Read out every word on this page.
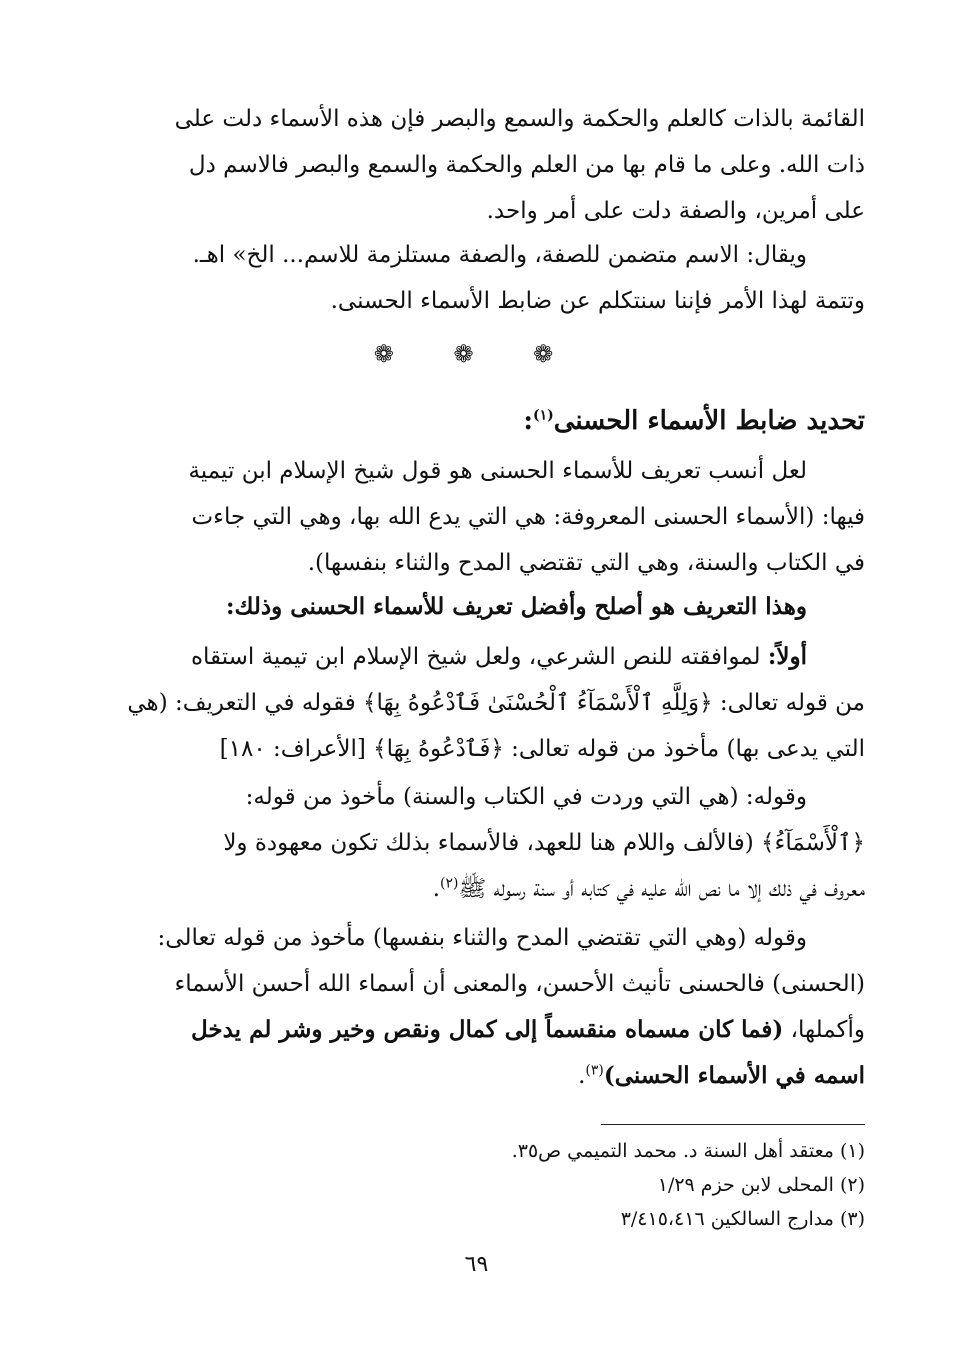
القائمة بالذات كالعلم والحكمة والسمع والبصر فإن هذه الأسماء دلت على
ذات الله. وعلى ما قام بها من العلم والحكمة والسمع والبصر فالاسم دل
على أمرين، والصفة دلت على أمر واحد.
ويقال: الاسم متضمن للصفة، والصفة مستلزمة للاسم... الخ» اهـ.
وتتمة لهذا الأمر فإننا سنتكلم عن ضابط الأسماء الحسنى.
❁ ❁ ❁
تحديد ضابط الأسماء الحسنى$^{(١)}$:
لعل أنسب تعريف للأسماء الحسنى هو قول شيخ الإسلام ابن تيمية
فيها: (الأسماء الحسنى المعروفة: هي التي يدع الله بها، وهي التي جاءت
في الكتاب والسنة، وهي التي تقتضي المدح والثناء بنفسها).
وهذا التعريف هو أصلح وأفضل تعريف للأسماء الحسنى وذلك:
أولاً: لموافقته للنص الشرعي، ولعل شيخ الإسلام ابن تيمية استقاه
من قوله تعالى: ﴿وَلِلَّهِ ٱلْأَسْمَآءُ ٱلْحُسْنَىٰ فَٱدْعُوهُ بِهَا﴾ فقوله في التعريف: (هي
التي يدعى بها) مأخوذ من قوله تعالى: ﴿فَٱدْعُوهُ بِهَا﴾ [الأعراف: ١٨٠]
وقوله: (هي التي وردت في الكتاب والسنة) مأخوذ من قوله:
﴿ٱلْأَسْمَآءُ﴾ (فالألف واللام هنا للعهد، فالأسماء بذلك تكون معهودة ولا
معروف في ذلك إلا ما نص الله عليه في كتابه أو سنة رسوله ﷺ$^{(٢)}$.
وقوله (وهي التي تقتضي المدح والثناء بنفسها) مأخوذ من قوله تعالى:
(الحسنى) فالحسنى تأنيث الأحسن، والمعنى أن أسماء الله أحسن الأسماء
وأكملها، (فما كان مسماه منقسماً إلى كمال ونقص وخير وشر لم يدخل
اسمه في الأسماء الحسنى)$^{(٣)}$.
(١) معتقد أهل السنة د. محمد التميمي ص٣٥.
(٢) المحلى لابن حزم ١/٢٩
(٣) مدارج السالكين ٣/٤١٥،٤١٦
٦٩
